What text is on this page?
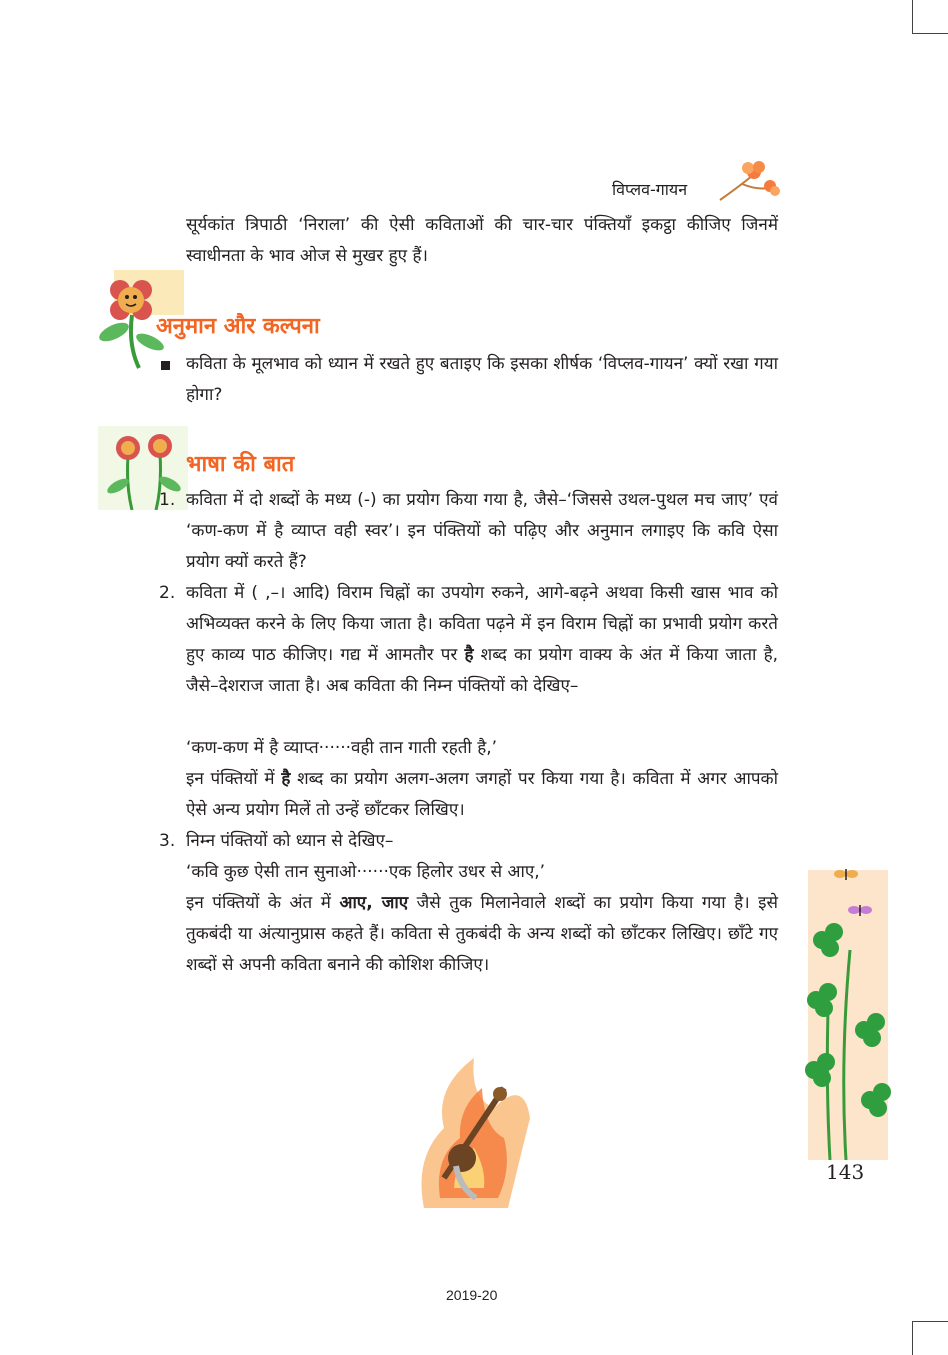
विप्लव-गायन

सूर्यकांत त्रिपाठी ‘निराला’ की ऐसी कविताओं की चार-चार पंक्तियाँ इकट्ठा कीजिए जिनमें स्वाधीनता के भाव ओज से मुखर हुए हैं।

अनुमान और कल्पना

कविता के मूलभाव को ध्यान में रखते हुए बताइए कि इसका शीर्षक ‘विप्लव-गायन’ क्यों रखा गया होगा?

भाषा की बात
1. कविता में दो शब्दों के मध्य (-) का प्रयोग किया गया है, जैसे–‘जिससे उथल-पुथल मच जाए’ एवं ‘कण-कण में है व्याप्त वही स्वर’। इन पंक्तियों को पढ़िए और अनुमान लगाइए कि कवि ऐसा प्रयोग क्यों करते हैं?

2. कविता में ( ,–। आदि) विराम चिह्नों का उपयोग रुकने, आगे-बढ़ने अथवा किसी खास भाव को अभिव्यक्त करने के लिए किया जाता है। कविता पढ़ने में इन विराम चिह्नों का प्रभावी प्रयोग करते हुए काव्य पाठ कीजिए। गद्य में आमतौर पर है शब्द का प्रयोग वाक्य के अंत में किया जाता है, जैसे–देशराज जाता है। अब कविता की निम्न पंक्तियों को देखिए–

‘कण-कण में है व्याप्त······वही तान गाती रहती है,’

इन पंक्तियों में है शब्द का प्रयोग अलग-अलग जगहों पर किया गया है। कविता में अगर आपको ऐसे अन्य प्रयोग मिलें तो उन्हें छाँटकर लिखिए।

3. निम्न पंक्तियों को ध्यान से देखिए–
‘कवि कुछ ऐसी तान सुनाओ······एक हिलोर उधर से आए,’

इन पंक्तियों के अंत में आए, जाए जैसे तुक मिलानेवाले शब्दों का प्रयोग किया गया है। इसे तुकबंदी या अंत्यानुप्रास कहते हैं। कविता से तुकबंदी के अन्य शब्दों को छाँटकर लिखिए। छाँटे गए शब्दों से अपनी कविता बनाने की कोशिश कीजिए।

143
2019-20
